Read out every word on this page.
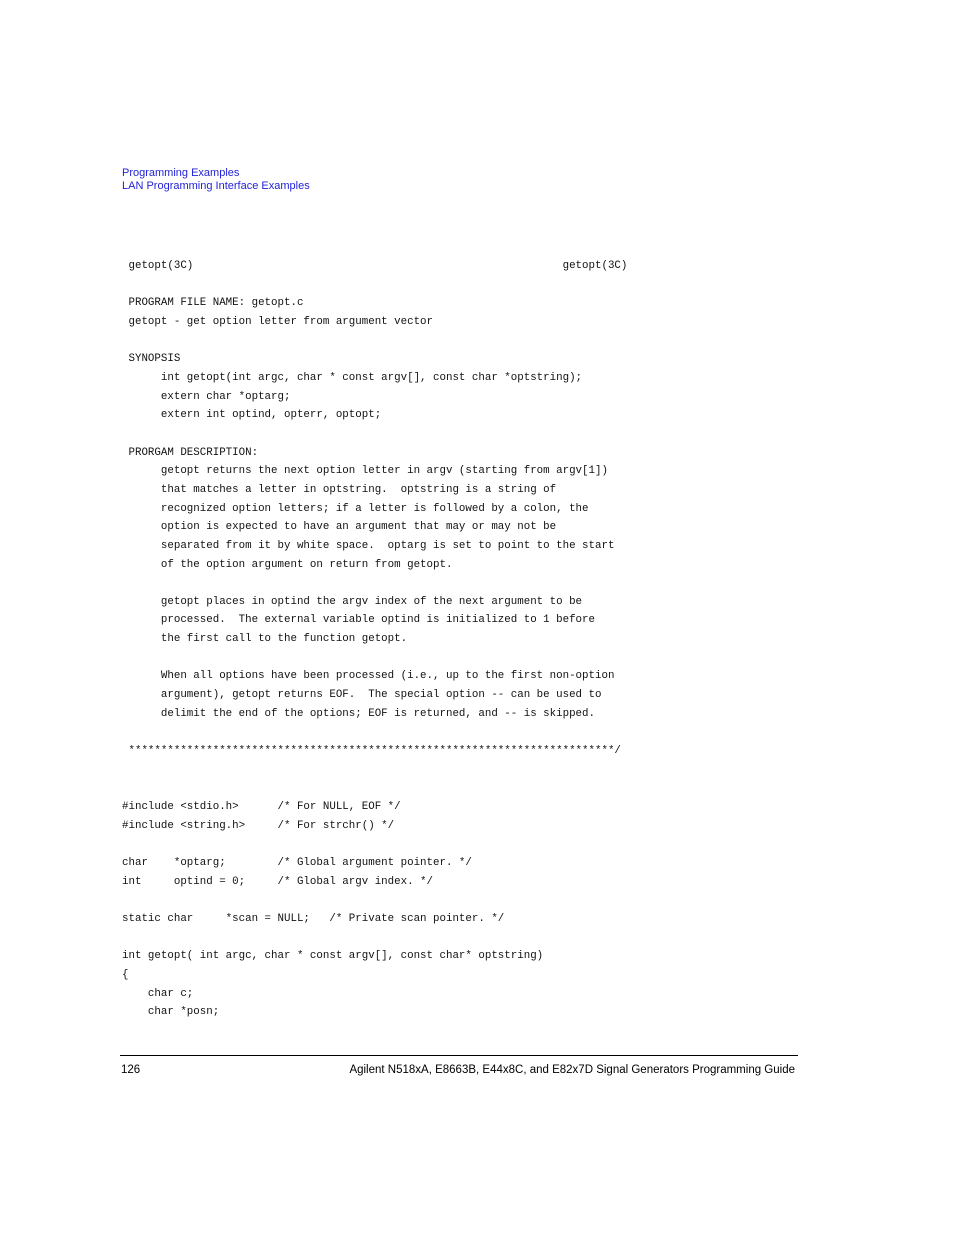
Programming Examples
LAN Programming Interface Examples
getopt(3C)                                                         getopt(3C)
PROGRAM FILE NAME: getopt.c
getopt - get option letter from argument vector
SYNOPSIS
int getopt(int argc, char * const argv[], const char *optstring);
extern char *optarg;
extern int optind, opterr, optopt;
PRORGAM DESCRIPTION:
getopt returns the next option letter in argv (starting from argv[1])
that matches a letter in optstring.  optstring is a string of
recognized option letters; if a letter is followed by a colon, the
option is expected to have an argument that may or may not be
separated from it by white space.  optarg is set to point to the start
of the option argument on return from getopt.
getopt places in optind the argv index of the next argument to be
processed.  The external variable optind is initialized to 1 before
the first call to the function getopt.
When all options have been processed (i.e., up to the first non-option
argument), getopt returns EOF.  The special option -- can be used to
delimit the end of the options; EOF is returned, and -- is skipped.
***************************************************************************/
#include <stdio.h>      /* For NULL, EOF */
#include <string.h>     /* For strchr() */
char    *optarg;        /* Global argument pointer. */
int     optind = 0;     /* Global argv index. */
static char     *scan = NULL;   /* Private scan pointer. */
int getopt( int argc, char * const argv[], const char* optstring)
{
char c;
char *posn;
126	Agilent N518xA, E8663B, E44x8C, and E82x7D Signal Generators Programming Guide
